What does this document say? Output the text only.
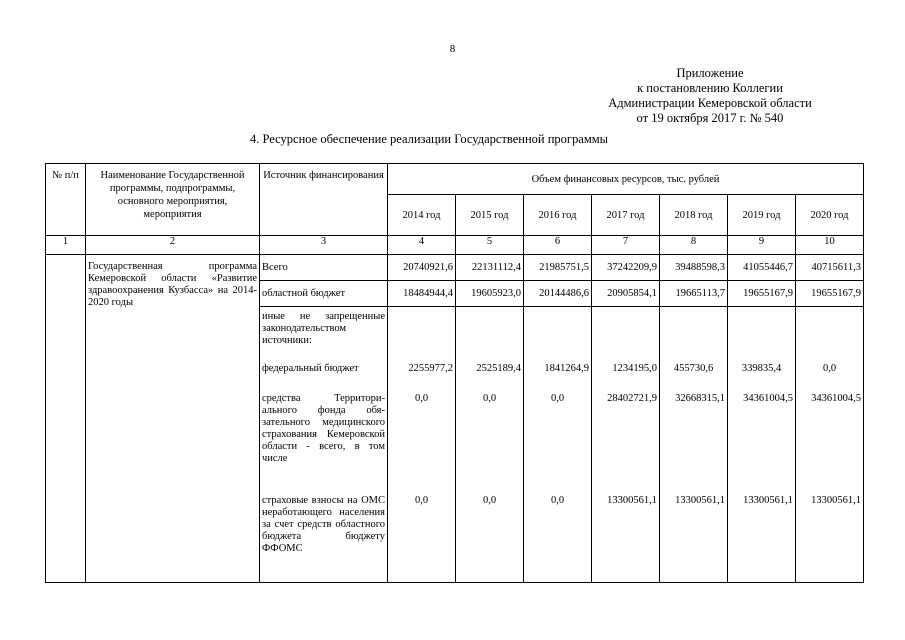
8
Приложение
к постановлению Коллегии
Администрации Кемеровской области
от 19 октября 2017 г. № 540
4. Ресурсное обеспечение реализации Государственной программы
№ п/п	Наименование Государственной программы, подпрограммы, основного мероприятия, мероприятия	Источник финансирования	Объем финансовых ресурсов, тыс. рублей						
			2014 год	2015 год	2016 год	2017 год	2018 год	2019 год	2020 год
1	2	3	4	5	6	7	8	9	10
	Государственная программа Кемеровской области «Развитие здравоохранения Кузбасса» на 2014-2020 годы	Всего	20740921,6	22131112,4	21985751,5	37242209,9	39488598,3	41055446,7	40715611,3
		областной бюджет	18484944,4	19605923,0	20144486,6	20905854,1	19665113,7	19655167,9	19655167,9
		иные не запрещенные законодательством источники:							
		федеральный бюджет	2255977,2	2525189,4	1841264,9	1234195,0	455730,6	339835,4	0,0
		средства Территориального фонда обязательного медицинского страхования Кемеровской области - всего, в том числе	0,0	0,0	0,0	28402721,9	32668315,1	34361004,5	34361004,5
		страховые взносы на ОМС неработающего населения за счет средств областного бюджета бюджету ФФОМС	0,0	0,0	0,0	13300561,1	13300561,1	13300561,1	13300561,1
